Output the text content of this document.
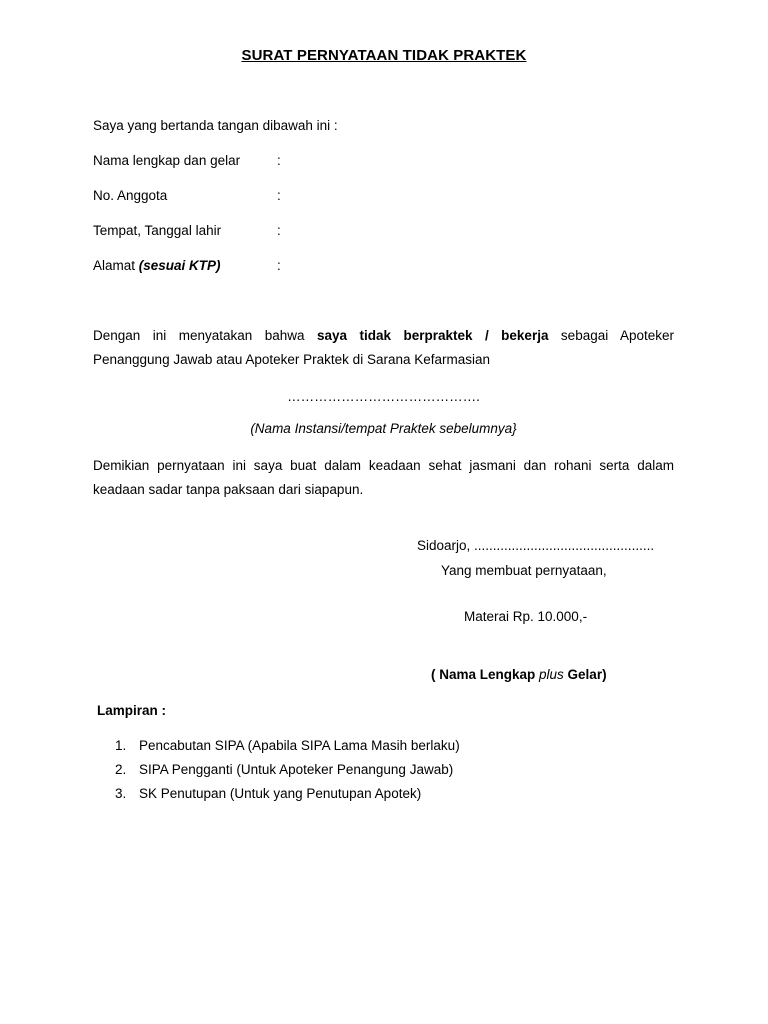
SURAT PERNYATAAN TIDAK PRAKTEK
Saya yang bertanda tangan dibawah ini :
Nama lengkap dan gelar	:
No. Anggota	:
Tempat, Tanggal lahir	:
Alamat (sesuai KTP)	:
Dengan ini menyatakan bahwa saya tidak berpraktek / bekerja sebagai Apoteker
Penanggung Jawab atau Apoteker Praktek di Sarana Kefarmasian
…………………………………….
(Nama Instansi/tempat Praktek sebelumnya}
Demikian pernyataan ini saya buat dalam keadaan sehat jasmani dan rohani serta dalam
keadaan sadar tanpa paksaan dari siapapun.
Sidoarjo, ................................................
Yang membuat pernyataan,
Materai Rp. 10.000,-
( Nama Lengkap plus Gelar)
Lampiran :
1. Pencabutan SIPA (Apabila SIPA Lama Masih berlaku)
2. SIPA Pengganti (Untuk Apoteker Penangung Jawab)
3. SK Penutupan (Untuk yang Penutupan Apotek)
